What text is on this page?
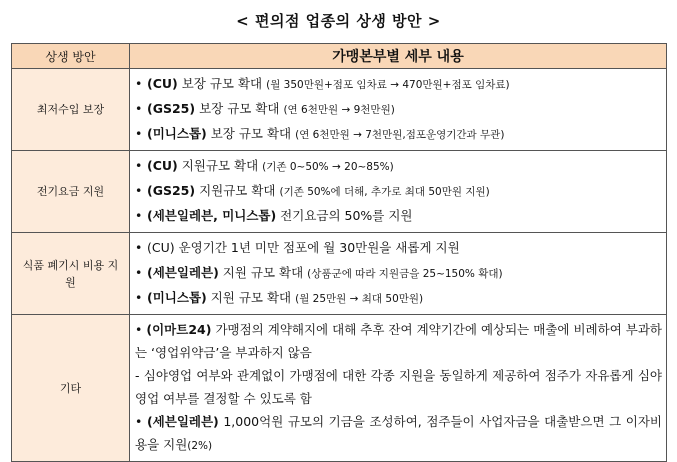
< 편의점 업종의 상생 방안 >
상생 방안	가맹본부별 세부 내용
최저수입 보장	• (CU) 보장 규모 확대 (월 350만원+점포 임차료 → 470만원+점포 임차료)
• (GS25) 보장 규모 확대 (연 6천만원 → 9천만원)
• (미니스톱) 보장 규모 확대 (연 6천만원 → 7천만원,점포운영기간과 무관)

전기요금 지원	• (CU) 지원규모 확대 (기존 0~50% → 20~85%)
• (GS25) 지원규모 확대 (기존 50%에 더해, 추가로 최대 50만원 지원)
• (세븐일레븐, 미니스톱) 전기요금의 50%를 지원

식품 폐기시 비용 지원	• (CU) 운영기간 1년 미만 점포에 월 30만원을 새롭게 지원
• (세븐일레븐) 지원 규모 확대 (상품군에 따라 지원금을 25~150% 확대)
• (미니스톱) 지원 규모 확대 (월 25만원 → 최대 50만원)

기타	• (이마트24) 가맹점의 계약해지에 대해 추후 잔여 계약기간에 예상되는 매출에 비례하여 부과하는 ‘영업위약금’을 부과하지 않음
- 심야영업 여부와 관계없이 가맹점에 대한 각종 지원을 동일하게 제공하여 점주가 자유롭게 심야영업 여부를 결정할 수 있도록 함
• (세븐일레븐) 1,000억원 규모의 기금을 조성하여, 점주들이 사업자금을 대출받으면 그 이자비용을 지원(2%)
